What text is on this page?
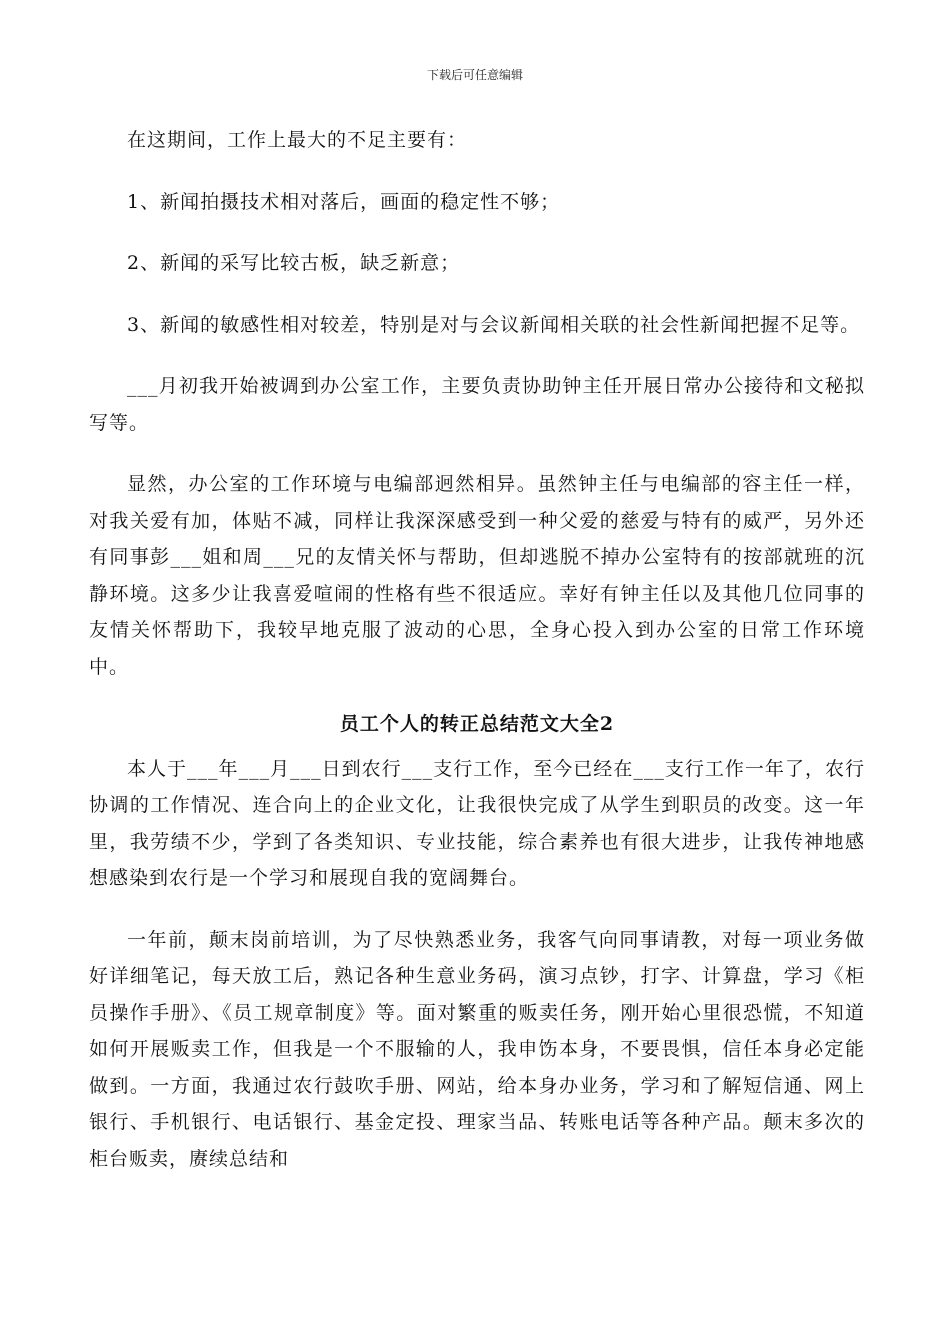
下载后可任意编辑

在这期间，工作上最大的不足主要有：

1、新闻拍摄技术相对落后，画面的稳定性不够；

2、新闻的采写比较古板，缺乏新意；

3、新闻的敏感性相对较差，特别是对与会议新闻相关联的社会性新闻把握不足等。

___月初我开始被调到办公室工作，主要负责协助钟主任开展日常办公接待和文秘拟写等。

显然，办公室的工作环境与电编部迥然相异。虽然钟主任与电编部的容主任一样，对我关爱有加，体贴不减，同样让我深深感受到一种父爱的慈爱与特有的威严，另外还有同事彭___姐和周___兄的友情关怀与帮助，但却逃脱不掉办公室特有的按部就班的沉静环境。这多少让我喜爱喧闹的性格有些不很适应。幸好有钟主任以及其他几位同事的友情关怀帮助下，我较早地克服了波动的心思，全身心投入到办公室的日常工作环境中。

员工个人的转正总结范文大全2

本人于___年___月___日到农行___支行工作，至今已经在___支行工作一年了，农行协调的工作情况、连合向上的企业文化，让我很快完成了从学生到职员的改变。这一年里，我劳绩不少，学到了各类知识、专业技能，综合素养也有很大进步，让我传神地感想感染到农行是一个学习和展现自我的宽阔舞台。

一年前，颠末岗前培训，为了尽快熟悉业务，我客气向同事请教，对每一项业务做好详细笔记，每天放工后，熟记各种生意业务码，演习点钞，打字、计算盘，学习《柜员操作手册》、《员工规章制度》等。面对繁重的贩卖任务，刚开始心里很恐慌，不知道如何开展贩卖工作，但我是一个不服输的人，我申饬本身，不要畏惧，信任本身必定能做到。一方面，我通过农行鼓吹手册、网站，给本身办业务，学习和了解短信通、网上银行、手机银行、电话银行、基金定投、理家当品、转账电话等各种产品。颠末多次的柜台贩卖，赓续总结和
